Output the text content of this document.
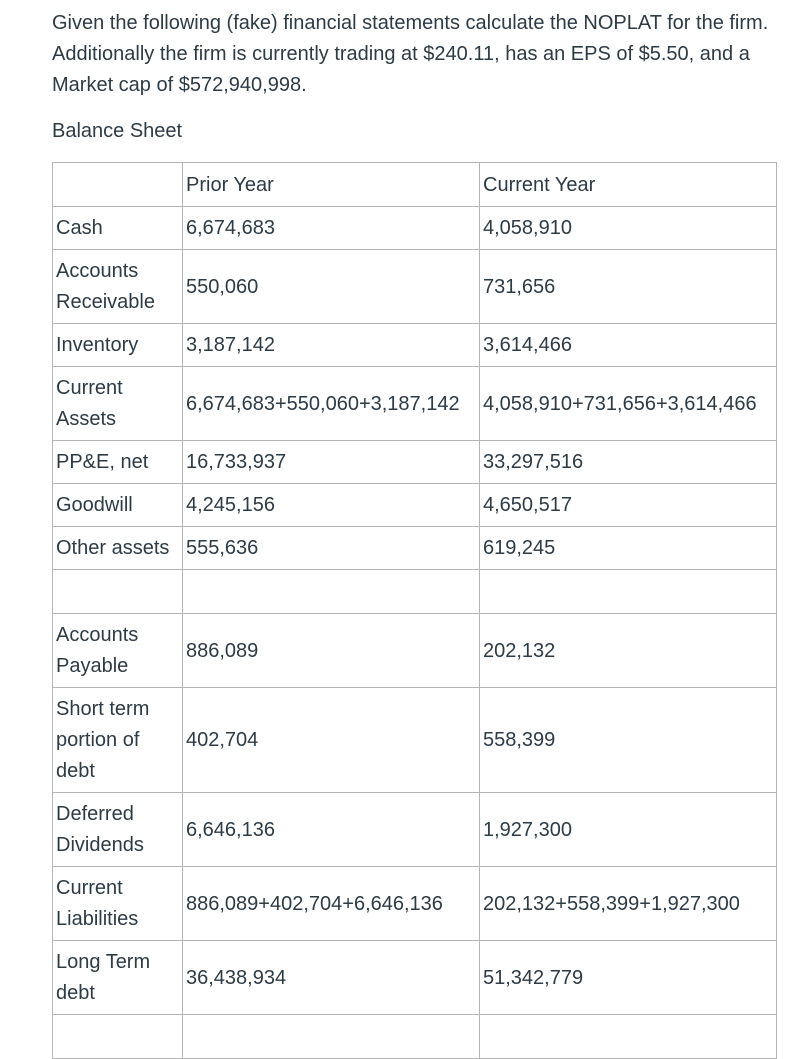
Given the following (fake) financial statements calculate the NOPLAT for the firm. Additionally the firm is currently trading at $240.11, has an EPS of $5.50, and a Market cap of $572,940,998.

Balance Sheet

	Prior Year	Current Year
Cash	6,674,683	4,058,910
Accounts Receivable	550,060	731,656
Inventory	3,187,142	3,614,466
Current Assets	6,674,683+550,060+3,187,142	4,058,910+731,656+3,614,466
PP&E, net	16,733,937	33,297,516
Goodwill	4,245,156	4,650,517
Other assets	555,636	619,245

Accounts Payable	886,089	202,132
Short term portion of debt	402,704	558,399
Deferred Dividends	6,646,136	1,927,300
Current Liabilities	886,089+402,704+6,646,136	202,132+558,399+1,927,300
Long Term debt	36,438,934	51,342,779
